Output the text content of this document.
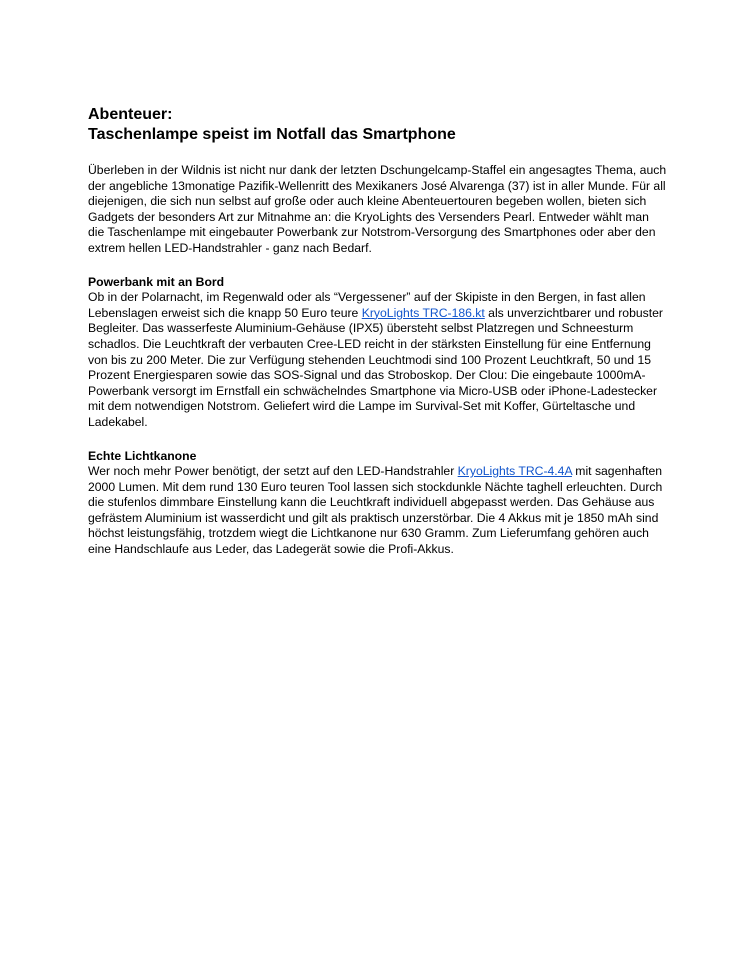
Abenteuer:
Taschenlampe speist im Notfall das Smartphone

Überleben in der Wildnis ist nicht nur dank der letzten Dschungelcamp-Staffel ein angesagtes Thema, auch der angebliche 13monatige Pazifik-Wellenritt des Mexikaners José Alvarenga (37) ist in aller Munde. Für all diejenigen, die sich nun selbst auf große oder auch kleine Abenteuertouren begeben wollen, bieten sich Gadgets der besonders Art zur Mitnahme an: die KryoLights des Versenders Pearl. Entweder wählt man die Taschenlampe mit eingebauter Powerbank zur Notstrom-Versorgung des Smartphones oder aber den extrem hellen LED-Handstrahler - ganz nach Bedarf.

Powerbank mit an Bord

Ob in der Polarnacht, im Regenwald oder als “Vergessener” auf der Skipiste in den Bergen, in fast allen Lebenslagen erweist sich die knapp 50 Euro teure KryoLights TRC-186.kt als unverzichtbarer und robuster Begleiter. Das wasserfeste Aluminium-Gehäuse (IPX5) übersteht selbst Platzregen und Schneesturm schadlos. Die Leuchtkraft der verbauten Cree-LED reicht in der stärksten Einstellung für eine Entfernung von bis zu 200 Meter. Die zur Verfügung stehenden Leuchtmodi sind 100 Prozent Leuchtkraft, 50 und 15 Prozent Energiesparen sowie das SOS-Signal und das Stroboskop. Der Clou: Die eingebaute 1000mA-Powerbank versorgt im Ernstfall ein schwächelndes Smartphone via Micro-USB oder iPhone-Ladestecker mit dem notwendigen Notstrom. Geliefert wird die Lampe im Survival-Set mit Koffer, Gürteltasche und Ladekabel.

Echte Lichtkanone

Wer noch mehr Power benötigt, der setzt auf den LED-Handstrahler KryoLights TRC-4.4A mit sagenhaften 2000 Lumen. Mit dem rund 130 Euro teuren Tool lassen sich stockdunkle Nächte taghell erleuchten. Durch die stufenlos dimmbare Einstellung kann die Leuchtkraft individuell abgepasst werden. Das Gehäuse aus gefrästem Aluminium ist wasserdicht und gilt als praktisch unzerstörbar. Die 4 Akkus mit je 1850 mAh sind höchst leistungsfähig, trotzdem wiegt die Lichtkanone nur 630 Gramm. Zum Lieferumfang gehören auch eine Handschlaufe aus Leder, das Ladegerät sowie die Profi-Akkus.
